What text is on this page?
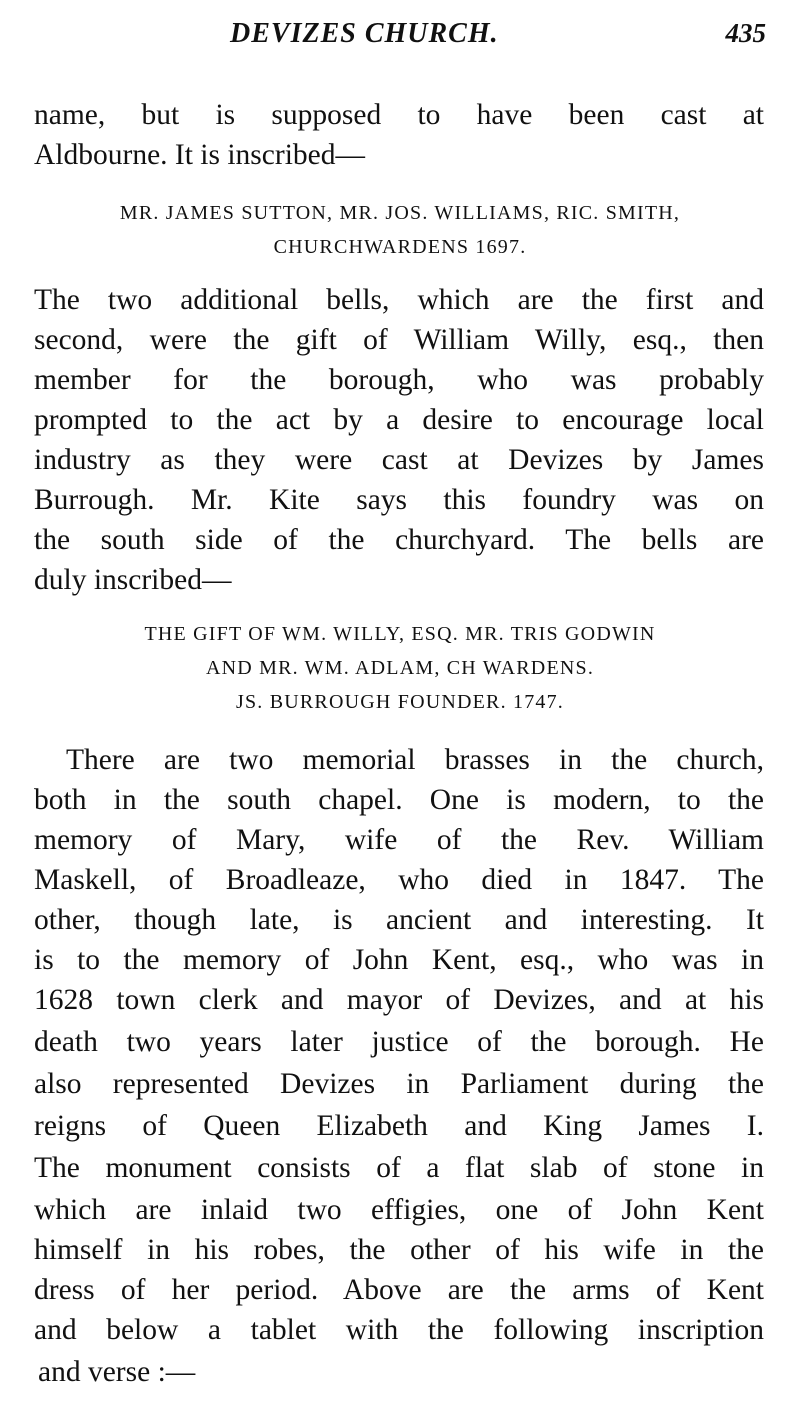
DEVIZES CHURCH.	435
name, but is supposed to have been cast at
Aldbourne. It is inscribed—
MR. JAMES SUTTON, MR. JOS. WILLIAMS, RIC. SMITH,
CHURCHWARDENS 1697.
The two additional bells, which are the first and
second, were the gift of William Willy, esq., then
member for the borough, who was probably
prompted to the act by a desire to encourage local
industry as they were cast at Devizes by James
Burrough. Mr. Kite says this foundry was on
the south side of the churchyard. The bells are
duly inscribed—
THE GIFT OF WM. WILLY, ESQ. MR. TRIS GODWIN
AND MR. WM. ADLAM, CH WARDENS.
JS. BURROUGH FOUNDER. 1747.
There are two memorial brasses in the church,
both in the south chapel. One is modern, to the
memory of Mary, wife of the Rev. William
Maskell, of Broadleaze, who died in 1847. The
other, though late, is ancient and interesting. It
is to the memory of John Kent, esq., who was in
1628 town clerk and mayor of Devizes, and at his
death two years later justice of the borough. He
also represented Devizes in Parliament during the
reigns of Queen Elizabeth and King James I.
The monument consists of a flat slab of stone in
which are inlaid two effigies, one of John Kent
himself in his robes, the other of his wife in the
dress of her period. Above are the arms of Kent
and below a tablet with the following inscription
and verse :—
